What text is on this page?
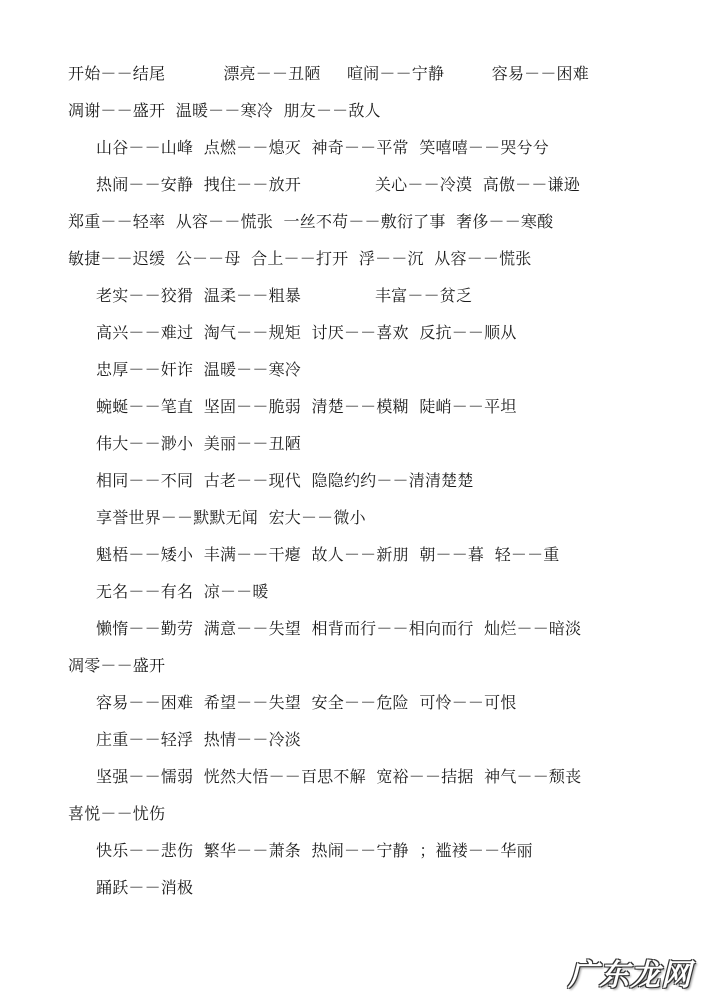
开始－－结尾           漂亮－－丑陋     喧闹－－宁静         容易－－困难
凋谢－－盛开  温暖－－寒冷  朋友－－敌人
山谷－－山峰  点燃－－熄灭  神奇－－平常  笑嘻嘻－－哭兮兮
热闹－－安静  拽住－－放开              关心－－冷漠  高傲－－谦逊
郑重－－轻率  从容－－慌张  一丝不苟－－敷衍了事  奢侈－－寒酸
敏捷－－迟缓  公－－母  合上－－打开  浮－－沉  从容－－慌张
老实－－狡猾  温柔－－粗暴              丰富－－贫乏
高兴－－难过  淘气－－规矩  讨厌－－喜欢  反抗－－顺从
忠厚－－奸诈  温暖－－寒冷
蜿蜒－－笔直  坚固－－脆弱  清楚－－模糊  陡峭－－平坦
伟大－－渺小  美丽－－丑陋
相同－－不同  古老－－现代  隐隐约约－－清清楚楚
享誉世界－－默默无闻  宏大－－微小
魁梧－－矮小  丰满－－干瘪  故人－－新朋  朝－－暮  轻－－重
无名－－有名  凉－－暖
懒惰－－勤劳  满意－－失望  相背而行－－相向而行  灿烂－－暗淡
凋零－－盛开
容易－－困难  希望－－失望  安全－－危险  可怜－－可恨
庄重－－轻浮  热情－－冷淡
坚强－－懦弱  恍然大悟－－百思不解  宽裕－－拮据  神气－－颓丧
喜悦－－忧伤
快乐－－悲伤  繁华－－萧条  热闹－－宁静  ；褴褛－－华丽
踊跃－－消极
广东龙网
